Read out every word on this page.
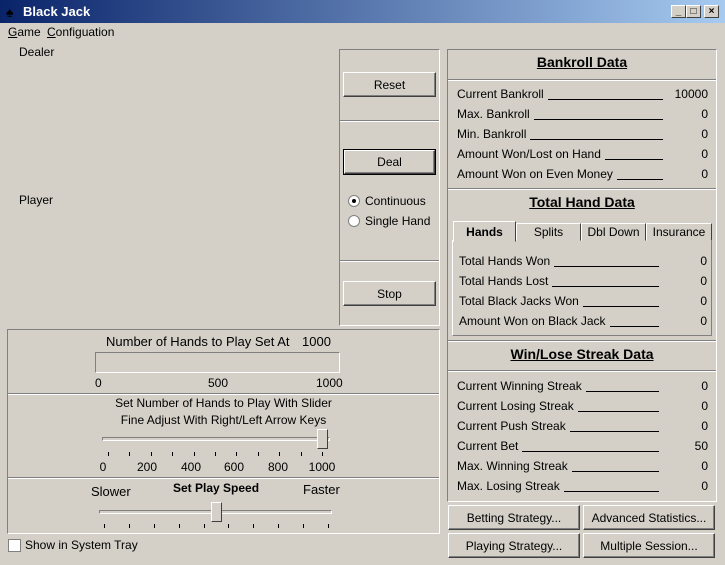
♠ Black Jack	_ □	×
Game Configuation
Dealer
Player
Reset
Deal
Continuous
Single Hand
Stop
Number of Hands to Play Set At 1000
0	500	1000
Set Number of Hands to Play With Slider
Fine Adjust With Right/Left Arrow Keys
0	200	400	600	800	1000
Slower	Set Play Speed	Faster
Show in System Tray
Bankroll Data
Current Bankroll	10000
Max. Bankroll	0
Min. Bankroll	0
Amount Won/Lost on Hand	0
Amount Won on Even Money	0
Total Hand Data
Hands	Splits	Dbl Down	Insurance
Total Hands Won	0
Total Hands Lost	0
Total Black Jacks Won	0
Amount Won on Black Jack	0
Win/Lose Streak Data
Current Winning Streak	0
Current Losing Streak	0
Current Push Streak	0
Current Bet	50
Max. Winning Streak	0
Max. Losing Streak	0
Betting Strategy...	Advanced Statistics...
Playing Strategy...	Multiple Session...
